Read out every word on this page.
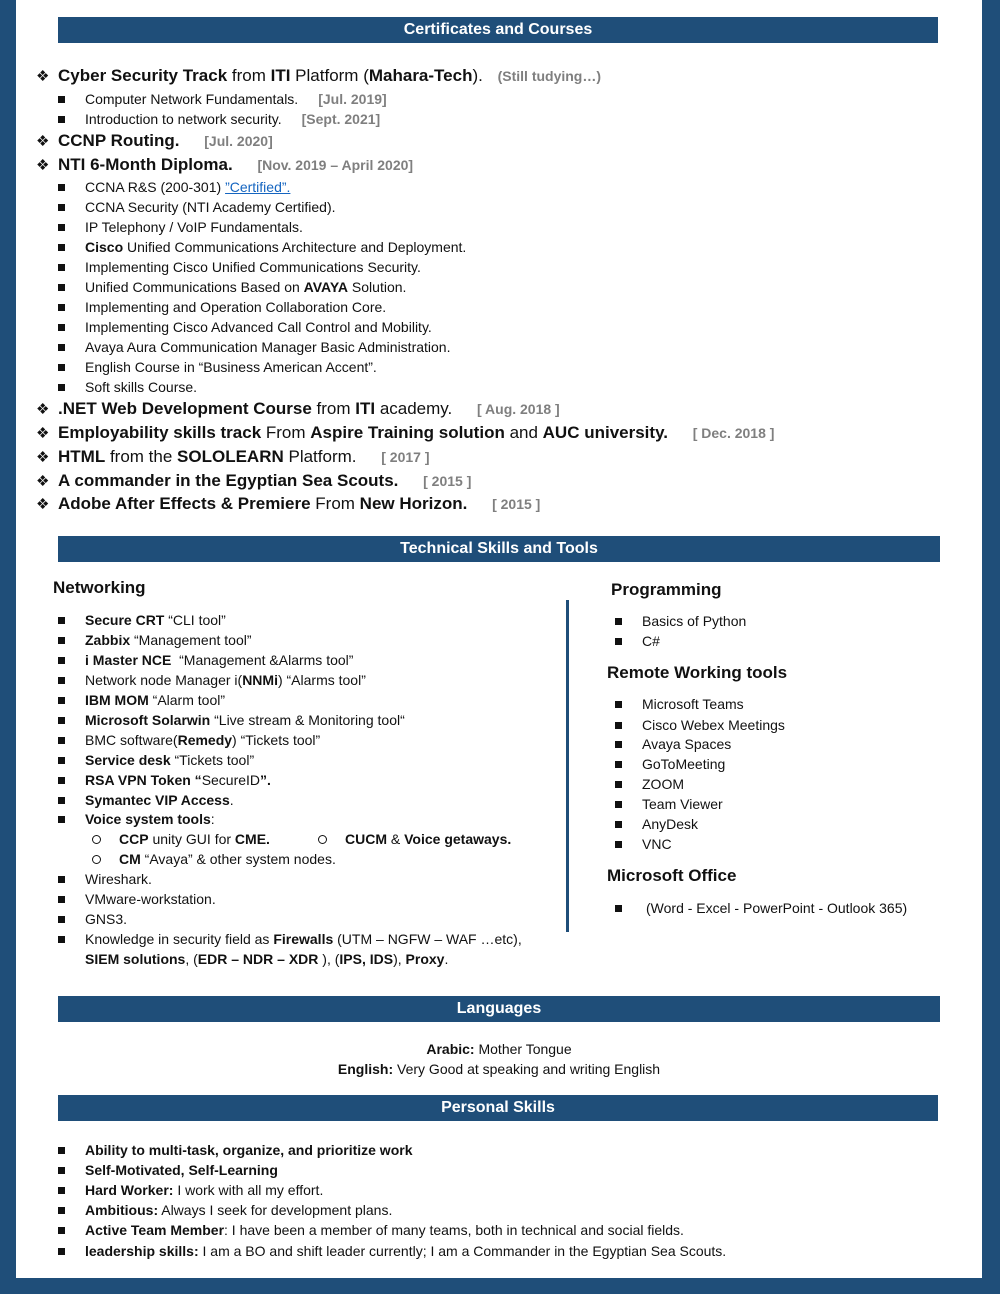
Certificates and Courses
❖ Cyber Security Track from ITI Platform (Mahara-Tech). (Still tudying…)
Computer Network Fundamentals. [Jul. 2019]
Introduction to network security. [Sept. 2021]
❖ CCNP Routing. [Jul. 2020]
❖ NTI 6-Month Diploma. [Nov. 2019 – April 2020]
CCNA R&S (200-301) ”Certified”.
CCNA Security (NTI Academy Certified).
IP Telephony / VoIP Fundamentals.
Cisco Unified Communications Architecture and Deployment.
Implementing Cisco Unified Communications Security.
Unified Communications Based on AVAYA Solution.
Implementing and Operation Collaboration Core.
Implementing Cisco Advanced Call Control and Mobility.
Avaya Aura Communication Manager Basic Administration.
English Course in “Business American Accent”.
Soft skills Course.
❖ .NET Web Development Course from ITI academy. [ Aug. 2018 ]
❖ Employability skills track From Aspire Training solution and AUC university. [ Dec. 2018 ]
❖ HTML from the SOLOLEARN Platform. [ 2017 ]
❖ A commander in the Egyptian Sea Scouts. [ 2015 ]
❖ Adobe After Effects & Premiere From New Horizon. [ 2015 ]
Technical Skills and Tools
Networking
Secure CRT “CLI tool”
Zabbix “Management tool”
i Master NCE  “Management &Alarms tool”
Network node Manager i(NNMi) “Alarms tool”
IBM MOM “Alarm tool”
Microsoft Solarwin “Live stream & Monitoring tool“
BMC software(Remedy) “Tickets tool”
Service desk “Tickets tool”
RSA VPN Token “SecureID”.
Symantec VIP Access.
Voice system tools:
CCP unity GUI for CME.	CUCM & Voice getaways.
CM “Avaya” & other system nodes.
Wireshark.
VMware-workstation.
GNS3.
Knowledge in security field as Firewalls (UTM – NGFW – WAF …etc),
SIEM solutions, (EDR – NDR – XDR ), (IPS, IDS), Proxy.
Programming
Basics of Python
C#
Remote Working tools
Microsoft Teams
Cisco Webex Meetings
Avaya Spaces
GoToMeeting
ZOOM
Team Viewer
AnyDesk
VNC
Microsoft Office
(Word - Excel - PowerPoint - Outlook 365)
Languages
Arabic: Mother Tongue
English: Very Good at speaking and writing English
Personal Skills
Ability to multi-task, organize, and prioritize work
Self-Motivated, Self-Learning
Hard Worker: I work with all my effort.
Ambitious: Always I seek for development plans.
Active Team Member: I have been a member of many teams, both in technical and social fields.
leadership skills: I am a BO and shift leader currently; I am a Commander in the Egyptian Sea Scouts.
